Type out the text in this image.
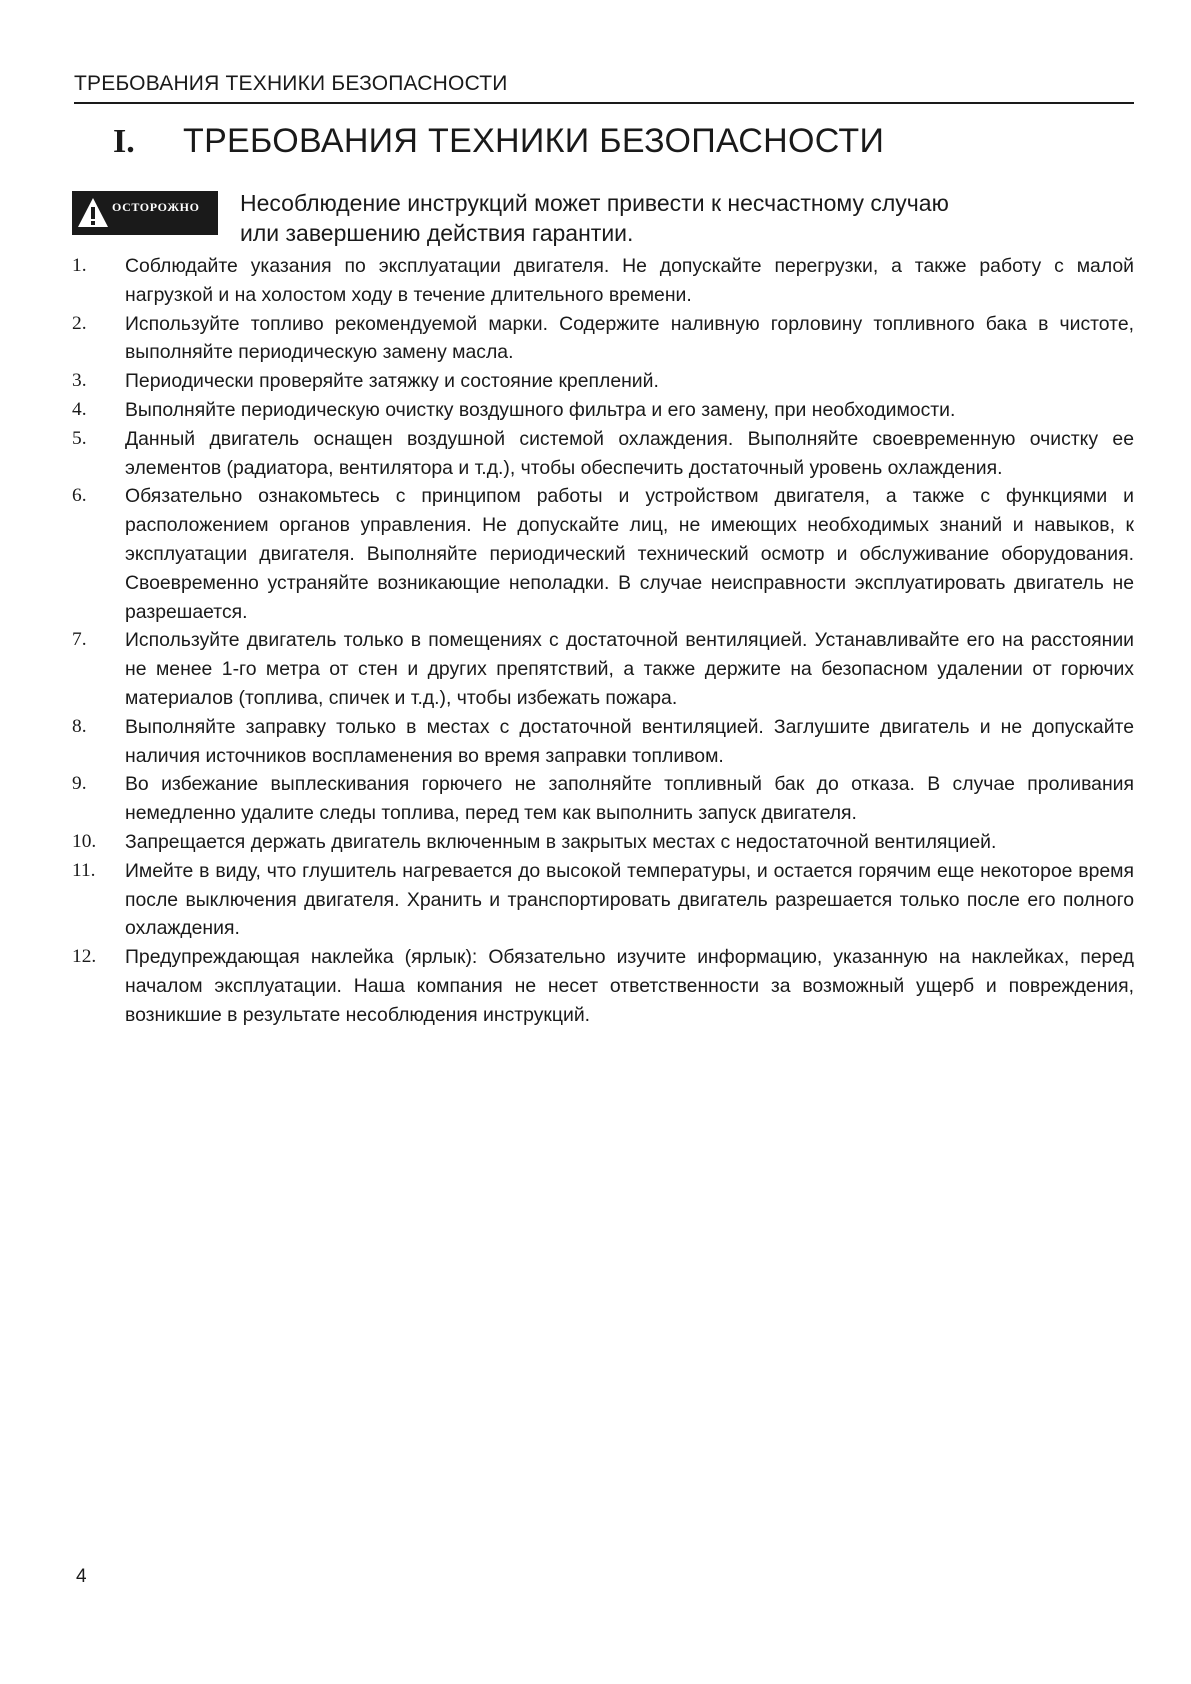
ТРЕБОВАНИЯ ТЕХНИКИ БЕЗОПАСНОСТИ
I.	ТРЕБОВАНИЯ ТЕХНИКИ БЕЗОПАСНОСТИ
ОСТОРОЖНО Несоблюдение инструкций может привести к несчастному случаю
или завершению действия гарантии.
1.	Соблюдайте указания по эксплуатации двигателя. Не допускайте перегрузки, а также работу с малой нагрузкой и на холостом ходу в течение длительного времени.
2.	Используйте топливо рекомендуемой марки. Содержите наливную горловину топливного бака в чистоте, выполняйте периодическую замену масла.
3.	Периодически проверяйте затяжку и состояние креплений.
4.	Выполняйте периодическую очистку воздушного фильтра и его замену, при необходимости.
5.	Данный двигатель оснащен воздушной системой охлаждения. Выполняйте своевременную очистку ее элементов (радиатора, вентилятора и т.д.), чтобы обеспечить достаточный уровень охлаждения.
6.	Обязательно ознакомьтесь с принципом работы и устройством двигателя, а также с функциями и расположением органов управления. Не допускайте лиц, не имеющих необходимых знаний и навыков, к эксплуатации двигателя. Выполняйте периодический технический осмотр и обслуживание оборудования. Своевременно устраняйте возникающие неполадки. В случае неисправности эксплуатировать двигатель не разрешается.
7.	Используйте двигатель только в помещениях с достаточной вентиляцией. Устанавливайте его на расстоянии не менее 1-го метра от стен и других препятствий, а также держите на безопасном удалении от горючих материалов (топлива, спичек и т.д.), чтобы избежать пожара.
8.	Выполняйте заправку только в местах с достаточной вентиляцией. Заглушите двигатель и не допускайте наличия источников воспламенения во время заправки топливом.
9.	Во избежание выплескивания горючего не заполняйте топливный бак до отказа. В случае проливания немедленно удалите следы топлива, перед тем как выполнить запуск двигателя.
10.	Запрещается держать двигатель включенным в закрытых местах с недостаточной вентиляцией.
11.	Имейте в виду, что глушитель нагревается до высокой температуры, и остается горячим еще некоторое время после выключения двигателя. Хранить и транспортировать двигатель разрешается только после его полного охлаждения.
12.	Предупреждающая наклейка (ярлык): Обязательно изучите информацию, указанную на наклейках, перед началом эксплуатации. Наша компания не несет ответственности за возможный ущерб и повреждения, возникшие в результате несоблюдения инструкций.
4
